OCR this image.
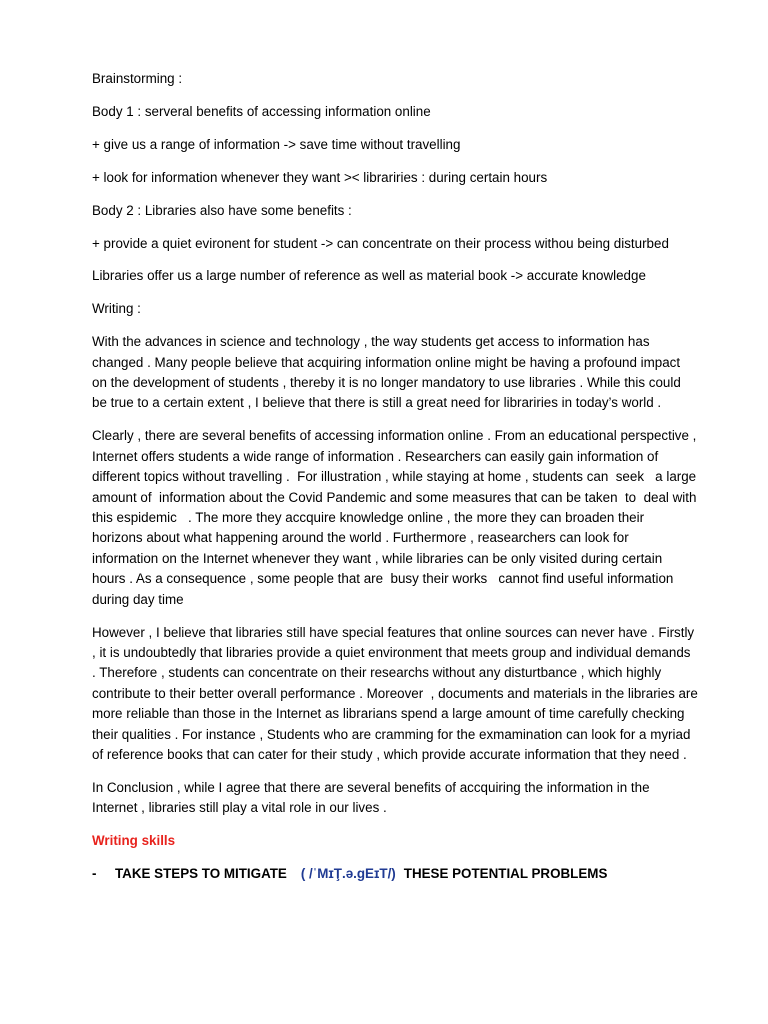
Brainstorming :

Body 1 : serveral benefits of accessing information online

+ give us a range of information -> save time without travelling

+ look for information whenever they want >< librariries : during certain hours

Body 2 : Libraries also have some benefits :

+ provide a quiet evironent for student -> can concentrate on their process withou being disturbed

Libraries offer us a large number of reference as well as material book -> accurate knowledge

Writing :

With the advances in science and technology , the way students get access to information has changed . Many people believe that acquiring information online might be having a profound impact on the development of students , thereby it is no longer mandatory to use libraries . While this could be true to a certain extent , I believe that there is still a great need for librariries in today’s world .

Clearly , there are several benefits of accessing information online . From an educational perspective , Internet offers students a wide range of information . Researchers can easily gain information of different topics without travelling .  For illustration , while staying at home , students can  seek   a large amount of  information about the Covid Pandemic and some measures that can be taken  to  deal with this espidemic   . The more they accquire knowledge online , the more they can broaden their horizons about what happening around the world . Furthermore , reasearchers can look for information on the Internet whenever they want , while libraries can be only visited during certain hours . As a consequence , some people that are  busy their works   cannot find useful information during day time

However , I believe that libraries still have special features that online sources can never have . Firstly , it is undoubtedly that libraries provide a quiet environment that meets group and individual demands  . Therefore , students can concentrate on their researchs without any disturtbance , which highly contribute to their better overall performance . Moreover  , documents and materials in the libraries are more reliable than those in the Internet as librarians spend a large amount of time carefully checking their qualities . For instance , Students who are cramming for the exmamination can look for a myriad of reference books that can cater for their study , which provide accurate information that they need .

In Conclusion , while I agree that there are several benefits of accquiring the information in the Internet , libraries still play a vital role in our lives .

Writing skills
-	TAKE STEPS TO MITIGATE ( /ˈMɪŢ.ə.gEɪT/) THESE POTENTIAL PROBLEMS
